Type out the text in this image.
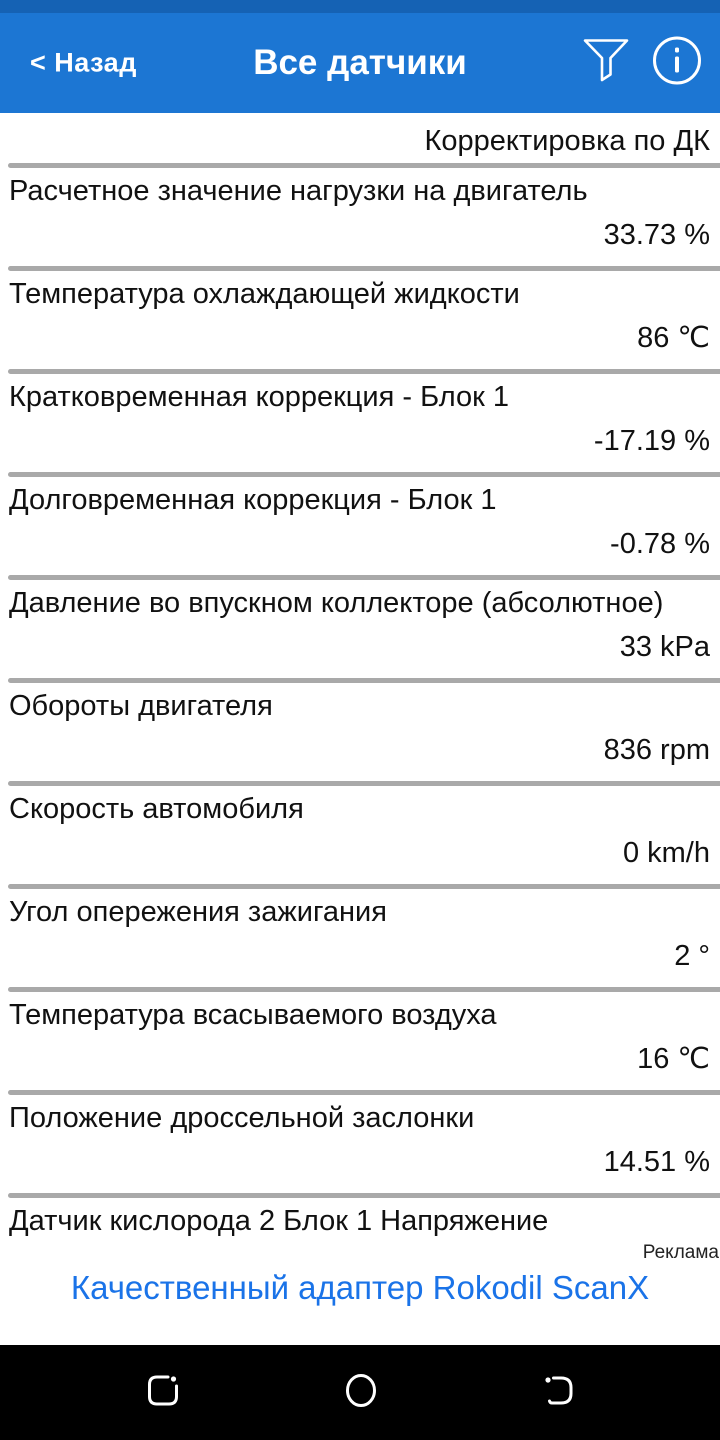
< Назад	Все датчики
Корректировка по ДК
Расчетное значение нагрузки на двигатель
33.73 %
Температура охлаждающей жидкости
86 ℃
Кратковременная коррекция - Блок 1
-17.19 %
Долговременная коррекция - Блок 1
-0.78 %
Давление во впускном коллекторе (абсолютное)
33 kPa
Обороты двигателя
836 rpm
Скорость автомобиля
0 km/h
Угол опережения зажигания
2 °
Температура всасываемого воздуха
16 ℃
Положение дроссельной заслонки
14.51 %
Датчик кислорода 2 Блок 1 Напряжение
Реклама
Качественный адаптер Rokodil ScanX
